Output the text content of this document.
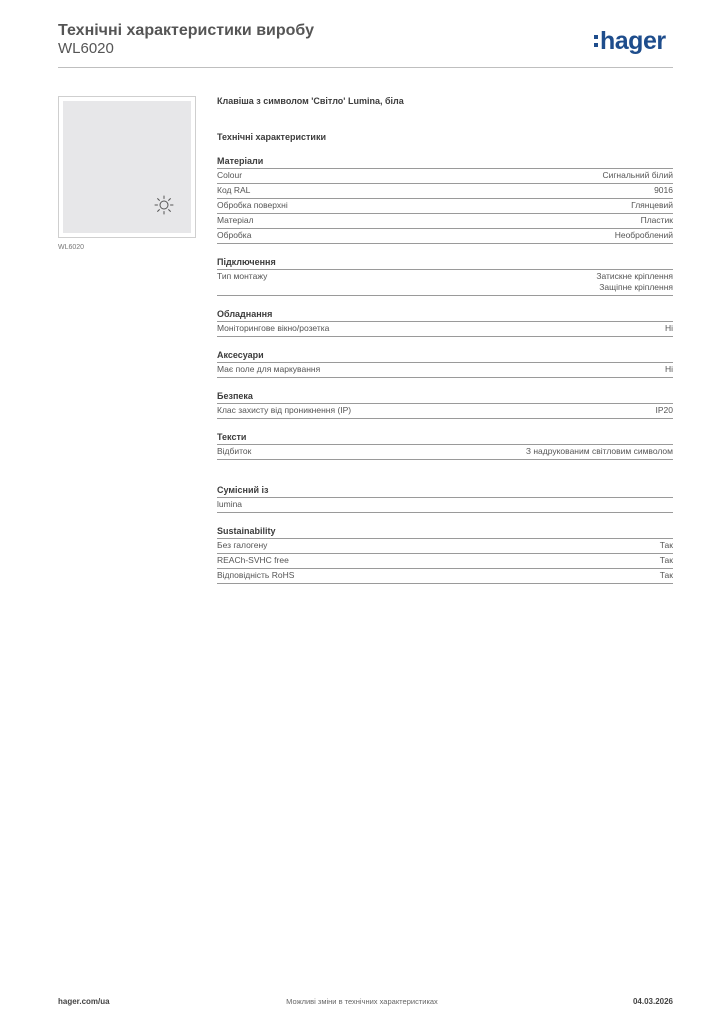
Технічні характеристики виробу
WL6020	hager
WL6020

Клавіша з символом 'Світло' Lumina, біла

Технічні характеристики

Матеріали
Colour	Сигнальний білий
Код RAL	9016
Обробка поверхні	Глянцевий
Матеріал	Пластик
Обробка	Необроблений
Підключення
Тип монтажу	Затискне кріплення
Защіпне кріплення
Обладнання
Моніторингове вікно/розетка	Ні
Аксесуари
Має поле для маркування	Ні
Безпека
Клас захисту від проникнення (IP)	IP20
Тексти
Відбиток	З надрукованим світловим символом
Сумісний із
lumina
Sustainability
Без галогену	Так
REACh-SVHC free	Так
Відповідність RoHS	Так
hager.com/ua	Можливі зміни в технічних характеристиках	04.03.2026
